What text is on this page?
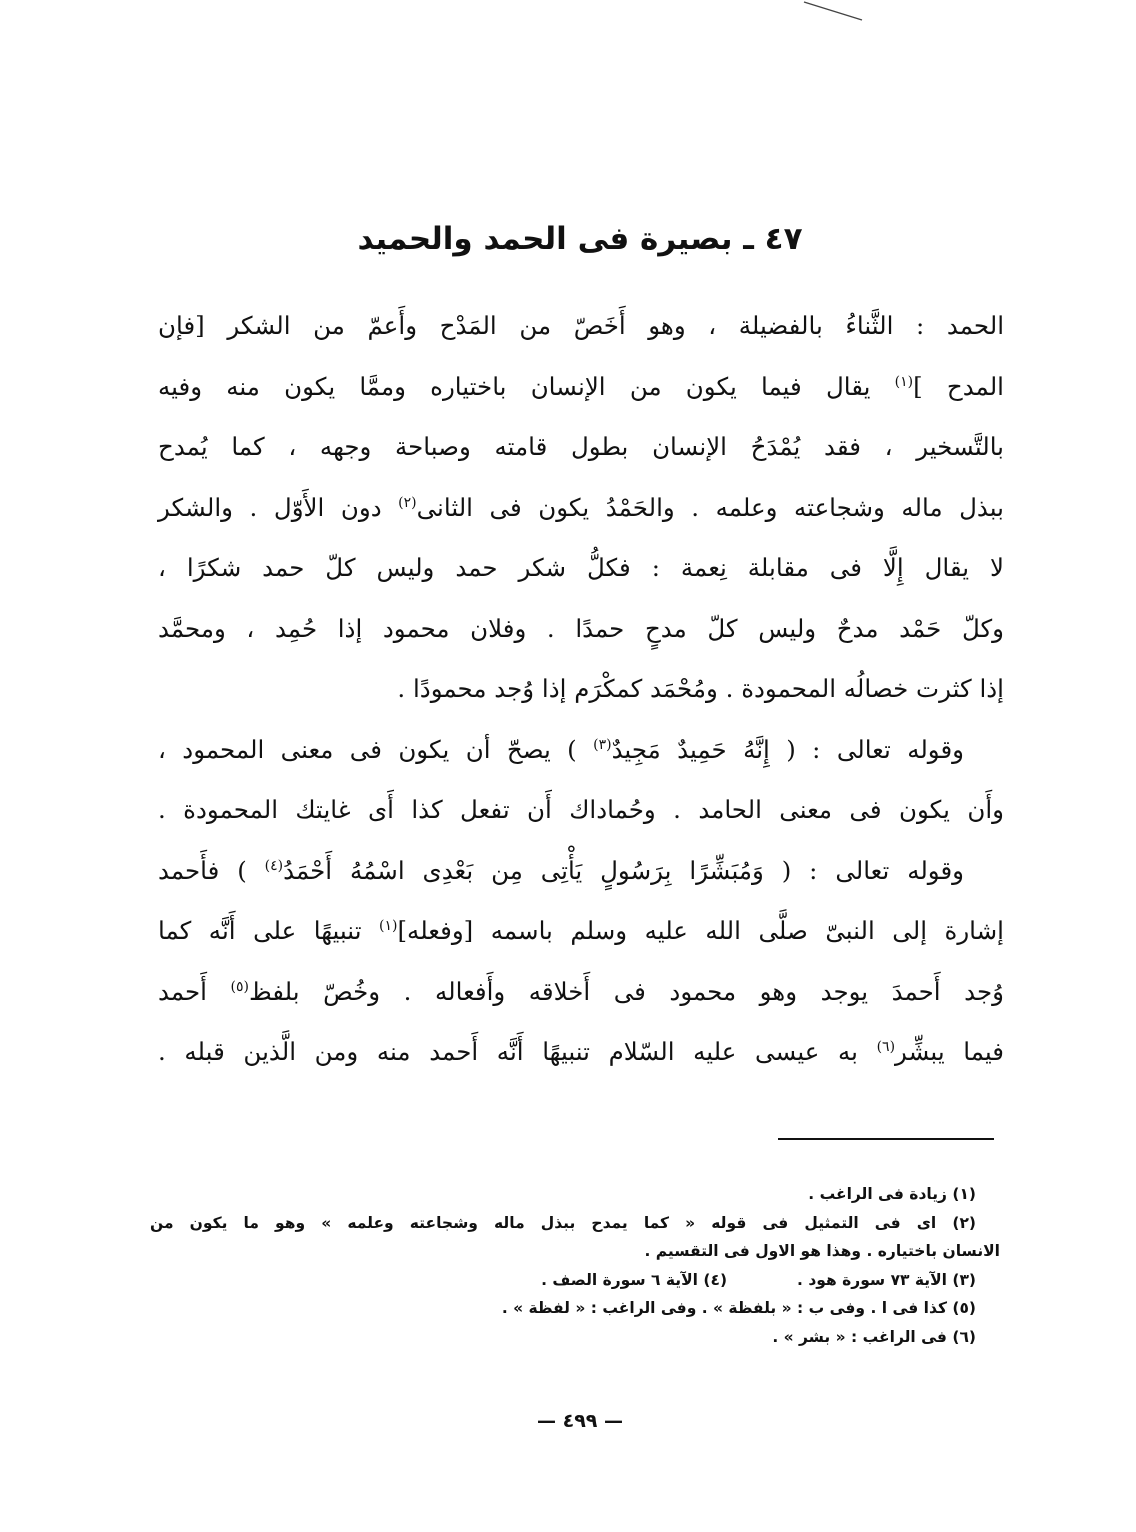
٤٧ ـ بصيرة فى الحمد والحميد

الحمد : الثَّناءُ بالفضيلة ، وهو أَخَصّ من المَدْح وأَعمّ من الشكر [فإن
المدح ]$^{(١)}$ يقال فيما يكون من الإنسان باختياره وممَّا يكون منه وفيه
بالتَّسخير ، فقد يُمْدَحُ الإنسان بطول قامته وصباحة وجهه ، كما يُمدح
ببذل ماله وشجاعته وعلمه . والحَمْدُ يكون فى الثانى$^{(٢)}$ دون الأَوّل . والشكر
لا يقال إِلَّا فى مقابلة نِعمة : فكلُّ شكر حمد وليس كلّ حمد شكرًا ،
وكلّ حَمْد مدحٌ وليس كلّ مدحٍ حمدًا . وفلان محمود إذا حُمِد ، ومحمَّد
إذا كثرت خصالُه المحمودة . ومُحْمَد كمكْرَم إذا وُجد محمودًا .

وقوله تعالى : ( إِنَّهُ حَمِيدٌ مَجِيدٌ$^{(٣)}$ ) يصحّ أن يكون فى معنى المحمود ،
وأَن يكون فى معنى الحامد . وحُماداك أَن تفعل كذا أَى غايتك المحمودة .

وقوله تعالى : ( وَمُبَشِّرًا بِرَسُولٍ يَأْتِى مِن بَعْدِى اسْمُهُ أَحْمَدُ$^{(٤)}$ ) فأَحمد
إشارة إلى النبىّ صلَّى الله عليه وسلم باسمه [وفعله]$^{(١)}$ تنبيهًا على أَنَّه كما
وُجد أَحمدَ يوجد وهو محمود فى أَخلاقه وأَفعاله . وخُصّ بلفظ$^{(٥)}$ أَحمد
فيما يبشِّر$^{(٦)}$ به عيسى عليه السّلام تنبيهًا أَنَّه أَحمد منه ومن الَّذين قبله .

(١) زيادة فى الراغب .
(٢) اى فى التمثيل فى قوله « كما يمدح ببذل ماله وشجاعته وعلمه » وهو ما يكون من
الانسان باختياره . وهذا هو الاول فى التقسيم .
(٣) الآية ٧٣ سورة هود .(٤) الآية ٦ سورة الصف .
(٥) كذا فى ا . وفى ب : « بلفظة » . وفى الراغب : « لفظة » .
(٦) فى الراغب : « بشر » .
— ٤٩٩ —
